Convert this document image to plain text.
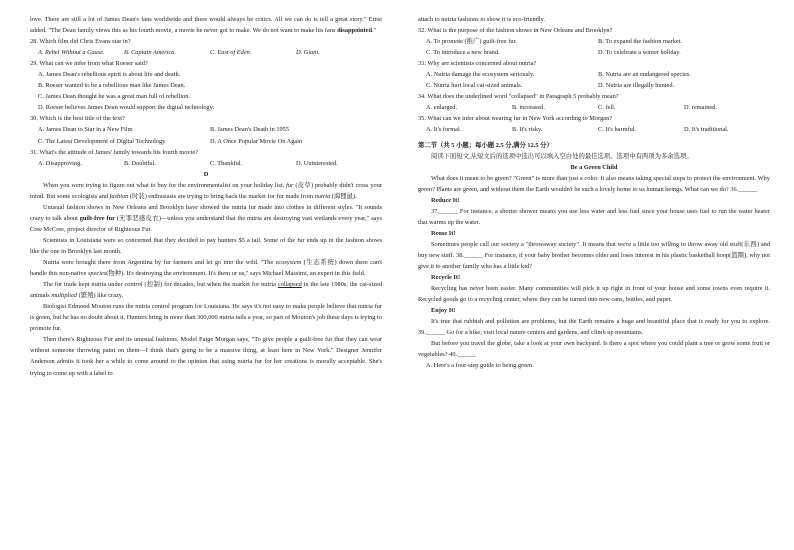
love. There are still a lot of James Dean's fans worldwide and there would always be critics. All we can do is tell a great story." Ernst added. "The Dean family views this as his fourth movie, a movie he never got to make. We do not want to make his fans disappointed."

28. Which film did Chris Evans star in?

A. Rebel Without a Cause.	B. Captain America.	C. East of Eden.	D. Giant.

29. What can we infer from what Roeser said?

A. James Dean's rebellious spirit is about life and death.

B. Roeser wanted to be a rebellious man like James Dean.

C. James Dean thought he was a great man full of rebellion.

D. Roeser believes James Dean would support the digital technology.

30. Which is the best title of the text?

A. James Dean to Star in a New Film	B. James Dean's Death in 1955
C. The Latest Development of Digital Technology	D. A Once Popular Movie On Again

31. What's the attitude of James' family towards his fourth movie?

A. Disapproving.	B. Doubtful.	C. Thankful.	D. Uninterested.

D

When you were trying to figure out what to buy for the environmentalist on your holiday list, fur (皮草) probably didn't cross your mind. But some ecologists and fashion (时装) enthusiasts are trying to bring back the market for fur made from nutria (海狸鼠).

Unusual fashion shows in New Orleans and Brooklyn have showed the nutria fur made into clothes in different styles. "It sounds crazy to talk about guilt-free fur (无罪恶感皮衣)—unless you understand that the nutria are destroying vast wetlands every year," says Cree McCree, project director of Righteous Fur.

Scientists in Louisiana were so concerned that they decided to pay hunters $5 a tail. Some of the fur ends up in the fashion shows like the one in Brooklyn last month.

Nutria were brought there from Argentina by fur farmers and let go into the wild. "The ecosystem (生态系统) down there can't handle this non-native species(物种). It's destroying the environment. It's them or us," says Michael Massimi, an expert in this field.

The fur trade kept nutria under control (控制) for decades, but when the market for nutria collapsed in the late 1980s, the cat-sized animals multiplied (繁殖) like crazy.

Biologist Edmond Mouton runs the nutria control program for Louisiana. He says it's not easy to make people believe that nutria fur is green, but he has no doubt about it. Hunters bring in more than 300,000 nutria tails a year, so part of Mouton's job these days is trying to promote fur.

Then there's Righteous Fur and its unusual fashions. Model Paige Morgan says, "To give people a guilt-free fur that they can wear without someone throwing paint on them—I think that's going to be a massive thing, at least here in New York." Designer Jennifer Anderson admits it took her a while to come around to the opinion that using nutria fur for her creations is morally acceptable. She's trying to come up with a label to

attach to nutria fashions to show it is eco-friendly.

32. What is the purpose of the fashion shows in New Orleans and Brooklyn?

A. To promote (推广) guilt-free fur.	B. To expand the fashion market.
C. To introduce a new brand.	D. To celebrate a winter holiday.

33. Why are scientists concerned about nutria?

A. Nutria damage the ecosystem seriously.	B. Nutria are an endangered species.
C. Nutria hurt local cat-sized animals.	D. Nutria are illegally hunted.

34. What does the underlined word "collapsed" in Paragraph 5 probably mean?

A. enlarged.	B. increased.	C. fell.	D. remained.

35. What can we infer about wearing fur in New York according to Morgan?

A. It's formal.	B. It's risky.	C. It's harmful.	D. It's traditional.

第二节（共 5 小题；每小题 2.5 分,满分 12.5 分）

阅读下面短文,从短文后的选项中选出可以填入空白处的最佳选项。选项中有两项为多余选项。

Be a Green Child

What does it mean to be green? "Green" is more than just a color. It also means taking special steps to protect the environment. Why green? Plants are green, and without them the Earth wouldn't be such a lovely home to us human beings. What can we do? 36.______

Reduce It!

37.______ For instance, a shorter shower means you use less water and less fuel since your house uses fuel to run the water heater that warms up the water.

Reuse It!

Sometimes people call our society a "throwaway society". It means that we're a little too willing to throw away old stuff(东西) and buy new stuff. 38.______ For instance, if your baby brother becomes older and loses interest in his plastic basketball hoop(篮圈), why not give it to another family who has a little kid?

Recycle It!

Recycling has never been easier. Many communities will pick it up right in front of your house and some towns even require it. Recycled goods go to a recycling center, where they can be turned into new cans, bottles, and paper.

Enjoy It!

It's true that rubbish and pollution are problems, but the Earth remains a huge and beautiful place that is ready for you to explore. 39.______ Go for a hike, visit local nature centers and gardens, and climb up mountains.

But before you travel the globe, take a look at your own backyard. Is there a spot where you could plant a tree or grow some fruit or vegetables? 40.______

A. Here's a four-step guide to being green.
